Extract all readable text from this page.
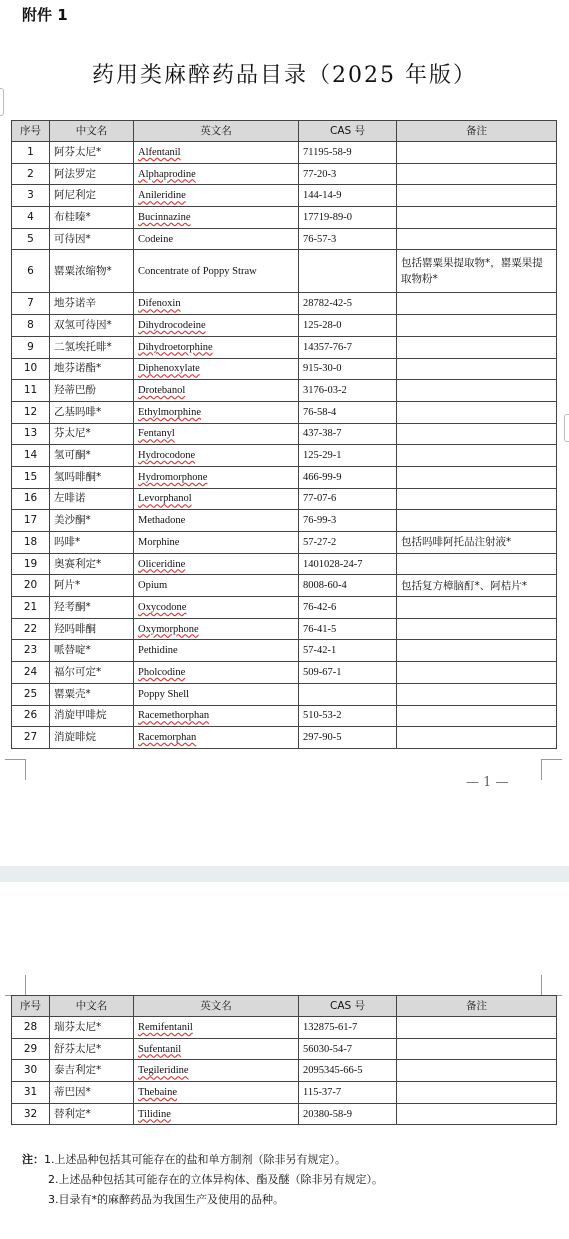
附件 1
药用类麻醉药品目录（2025 年版）
序号	中文名	英文名	CAS 号	备注
1	阿芬太尼*	Alfentanil	71195-58-9	
2	阿法罗定	Alphaprodine	77-20-3	
3	阿尼利定	Anileridine	144-14-9	
4	布桂嗪*	Bucinnazine	17719-89-0	
5	可待因*	Codeine	76-57-3	
6	罂粟浓缩物*	Concentrate of Poppy Straw		包括罂粟果提取物*，罂粟果提取物粉*
7	地芬诺辛	Difenoxin	28782-42-5	
8	双氢可待因*	Dihydrocodeine	125-28-0	
9	二氢埃托啡*	Dihydroetorphine	14357-76-7	
10	地芬诺酯*	Diphenoxylate	915-30-0	
11	羟蒂巴酚	Drotebanol	3176-03-2	
12	乙基吗啡*	Ethylmorphine	76-58-4	
13	芬太尼*	Fentanyl	437-38-7	
14	氢可酮*	Hydrocodone	125-29-1	
15	氢吗啡酮*	Hydromorphone	466-99-9	
16	左啡诺	Levorphanol	77-07-6	
17	美沙酮*	Methadone	76-99-3	
18	吗啡*	Morphine	57-27-2	包括吗啡阿托品注射液*
19	奥赛利定*	Oliceridine	1401028-24-7	
20	阿片*	Opium	8008-60-4	包括复方樟脑酊*、阿桔片*
21	羟考酮*	Oxycodone	76-42-6	
22	羟吗啡酮	Oxymorphone	76-41-5	
23	哌替啶*	Pethidine	57-42-1	
24	福尔可定*	Pholcodine	509-67-1	
25	罂粟壳*	Poppy Shell		
26	消旋甲啡烷	Racemethorphan	510-53-2	
27	消旋啡烷	Racemorphan	297-90-5	
— 1 —
序号	中文名	英文名	CAS 号	备注
28	瑞芬太尼*	Remifentanil	132875-61-7	
29	舒芬太尼*	Sufentanil	56030-54-7	
30	泰吉利定*	Tegileridine	2095345-66-5	
31	蒂巴因*	Thebaine	115-37-7	
32	替利定*	Tilidine	20380-58-9	
注：1.上述品种包括其可能存在的盐和单方制剂（除非另有规定）。
2.上述品种包括其可能存在的立体异构体、酯及醚（除非另有规定）。
3.目录有*的麻醉药品为我国生产及使用的品种。
